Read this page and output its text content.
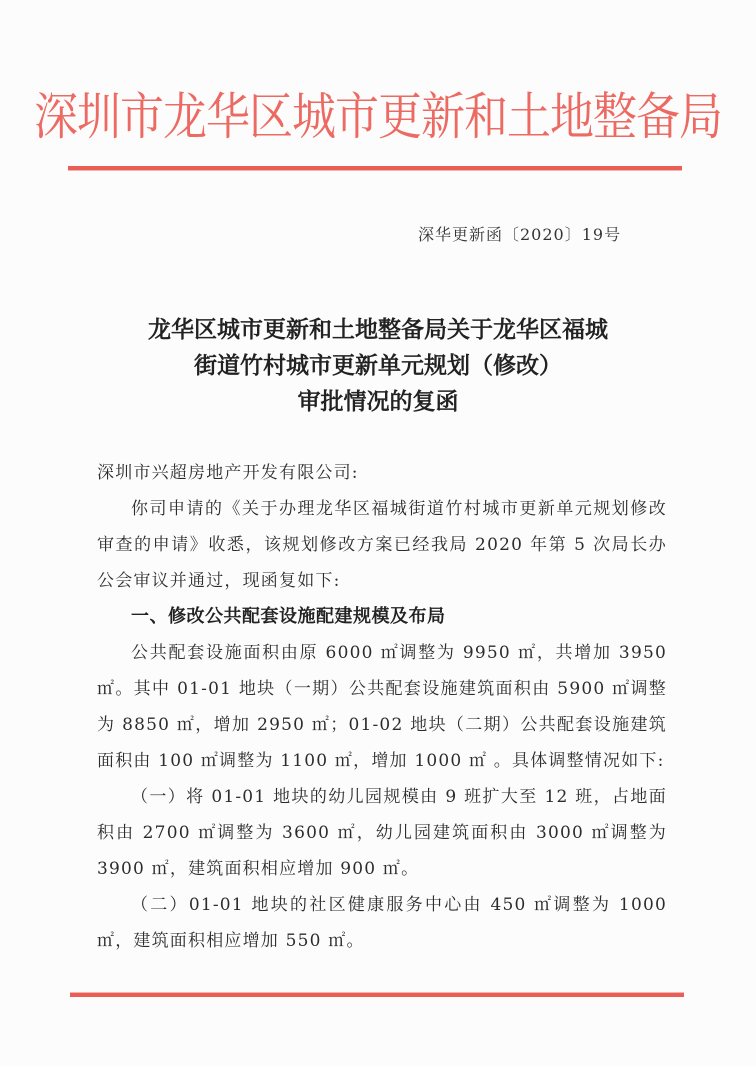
深圳市龙华区城市更新和土地整备局
深华更新函〔2020〕19号
龙华区城市更新和土地整备局关于龙华区福城
街道竹村城市更新单元规划（修改）
审批情况的复函

深圳市兴超房地产开发有限公司:

你司申请的《关于办理龙华区福城街道竹村城市更新单元规划修改审查的申请》收悉，该规划修改方案已经我局 2020 年第 5 次局长办公会审议并通过，现函复如下:

一、修改公共配套设施配建规模及布局

公共配套设施面积由原 6000 ㎡调整为 9950 ㎡，共增加 3950 ㎡。其中 01-01 地块（一期）公共配套设施建筑面积由 5900 ㎡调整为 8850 ㎡，增加 2950 ㎡；01-02 地块（二期）公共配套设施建筑面积由 100 ㎡调整为 1100 ㎡，增加 1000 ㎡ 。具体调整情况如下:

（一）将 01-01 地块的幼儿园规模由 9 班扩大至 12 班，占地面积由 2700 ㎡调整为 3600 ㎡，幼儿园建筑面积由 3000 ㎡调整为 3900 ㎡，建筑面积相应增加 900 ㎡。

（二）01-01 地块的社区健康服务中心由 450 ㎡调整为 1000 ㎡，建筑面积相应增加 550 ㎡。
